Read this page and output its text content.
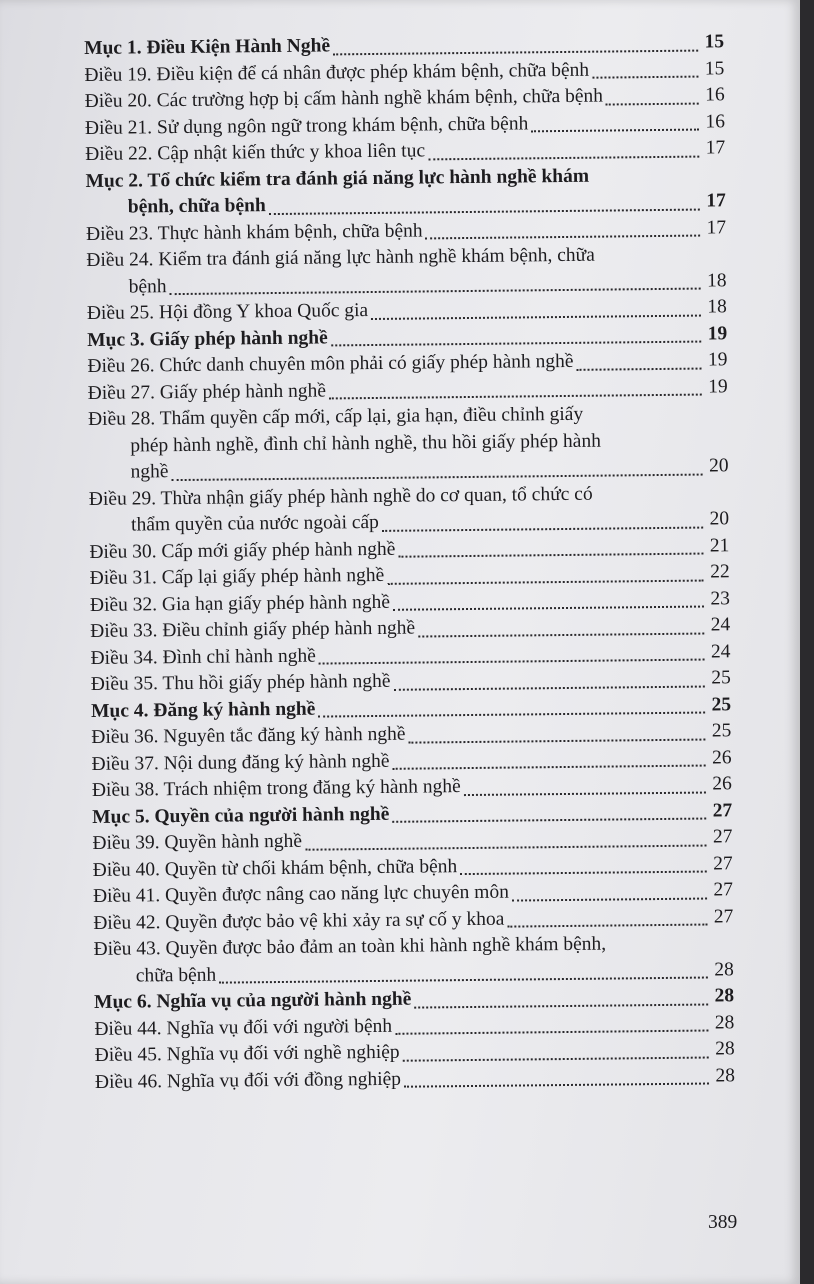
Mục 1. Điều Kiện Hành Nghề	15
Điều 19. Điều kiện để cá nhân được phép khám bệnh, chữa bệnh	15
Điều 20. Các trường hợp bị cấm hành nghề khám bệnh, chữa bệnh	16
Điều 21. Sử dụng ngôn ngữ trong khám bệnh, chữa bệnh	16
Điều 22. Cập nhật kiến thức y khoa liên tục	17
Mục 2. Tổ chức kiểm tra đánh giá năng lực hành nghề khám
bệnh, chữa bệnh	17
Điều 23. Thực hành khám bệnh, chữa bệnh	17
Điều 24. Kiểm tra đánh giá năng lực hành nghề khám bệnh, chữa
bệnh	18
Điều 25. Hội đồng Y khoa Quốc gia	18
Mục 3. Giấy phép hành nghề	19
Điều 26. Chức danh chuyên môn phải có giấy phép hành nghề	19
Điều 27. Giấy phép hành nghề	19
Điều 28. Thẩm quyền cấp mới, cấp lại, gia hạn, điều chỉnh giấy
phép hành nghề, đình chỉ hành nghề, thu hồi giấy phép hành
nghề	20
Điều 29. Thừa nhận giấy phép hành nghề do cơ quan, tổ chức có
thẩm quyền của nước ngoài cấp	20
Điều 30. Cấp mới giấy phép hành nghề	21
Điều 31. Cấp lại giấy phép hành nghề	22
Điều 32. Gia hạn giấy phép hành nghề	23
Điều 33. Điều chỉnh giấy phép hành nghề	24
Điều 34. Đình chỉ hành nghề	24
Điều 35. Thu hồi giấy phép hành nghề	25
Mục 4. Đăng ký hành nghề	25
Điều 36. Nguyên tắc đăng ký hành nghề	25
Điều 37. Nội dung đăng ký hành nghề	26
Điều 38. Trách nhiệm trong đăng ký hành nghề	26
Mục 5. Quyền của người hành nghề	27
Điều 39. Quyền hành nghề	27
Điều 40. Quyền từ chối khám bệnh, chữa bệnh	27
Điều 41. Quyền được nâng cao năng lực chuyên môn	27
Điều 42. Quyền được bảo vệ khi xảy ra sự cố y khoa	27
Điều 43. Quyền được bảo đảm an toàn khi hành nghề khám bệnh,
chữa bệnh	28
Mục 6. Nghĩa vụ của người hành nghề	28
Điều 44. Nghĩa vụ đối với người bệnh	28
Điều 45. Nghĩa vụ đối với nghề nghiệp	28
Điều 46. Nghĩa vụ đối với đồng nghiệp	28
389
